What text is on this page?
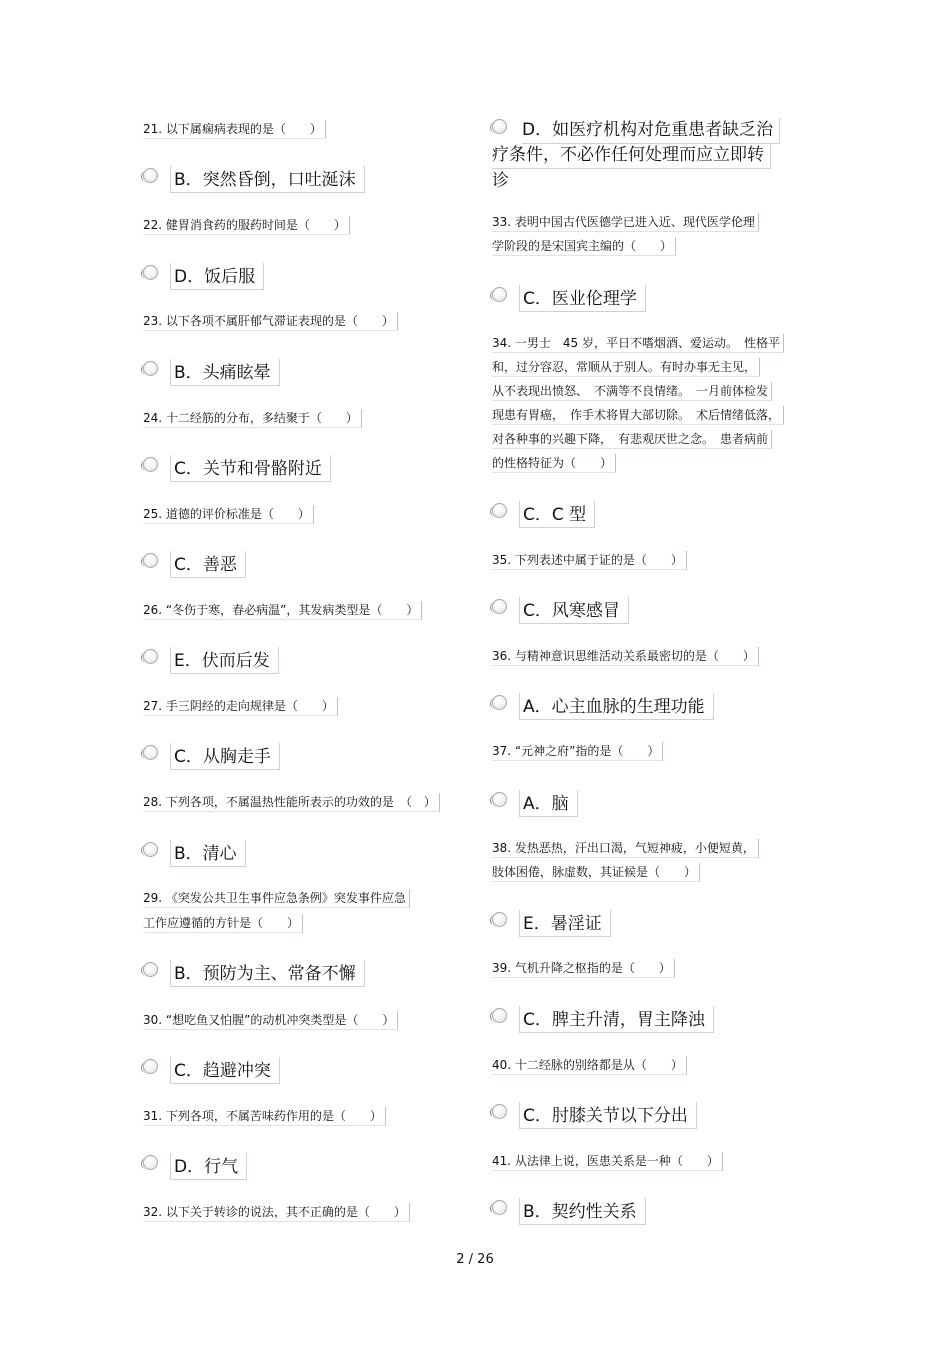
21. 以下属痫病表现的是（　　）
B．突然昏倒，口吐涎沫
22. 健胃消食药的服药时间是（　　）
D．饭后服
23. 以下各项不属肝郁气滞证表现的是（　　）
B．头痛眩晕
24. 十二经筋的分布，多结聚于（　　）
C．关节和骨骼附近
25. 道德的评价标准是（　　）
C．善恶
26. “冬伤于寒，春必病温”，其发病类型是（　　）
E．伏而后发
27. 手三阴经的走向规律是（　　）
C．从胸走手
28. 下列各项，不属温热性能所表示的功效的是　（　）
B．清心
29. 《突发公共卫生事件应急条例》突发事件应急
工作应遵循的方针是（　　）
B．预防为主、常备不懈
30. “想吃鱼又怕腥”的动机冲突类型是（　　）
C．趋避冲突
31. 下列各项，不属苦味药作用的是（　　）
D．行气
32. 以下关于转诊的说法，其不正确的是（　　）
D．如医疗机构对危重患者缺乏治

疗条件，不必作任何处理而应立即转
诊
33. 表明中国古代医德学已进入近、现代医学伦理
学阶段的是宋国宾主编的（　　）
C．医业伦理学
34. 一男士　45 岁，平日不嗜烟酒、爱运动。　性格平
和，过分容忍，常顺从于别人。有时办事无主见，
从不表现出愤怒、　不满等不良情绪。　一月前体检发
现患有胃癌，　作手术将胃大部切除。　术后情绪低落，
对各种事的兴趣下降，　有悲观厌世之念。　患者病前
的性格特征为（　　）
C．C 型
35. 下列表述中属于证的是（　　）
C．风寒感冒
36. 与精神意识思维活动关系最密切的是（　　）
A．心主血脉的生理功能
37. “元神之府”指的是（　　）
A．脑
38. 发热恶热，汗出口渴，气短神疲，小便短黄，
肢体困倦，脉虚数，其证候是（　　）
E．暑淫证
39. 气机升降之枢指的是（　　）
C．脾主升清，胃主降浊
40. 十二经脉的别络都是从（　　）
C．肘膝关节以下分出
41. 从法律上说，医患关系是一种（　　）
B．契约性关系
2 / 26
